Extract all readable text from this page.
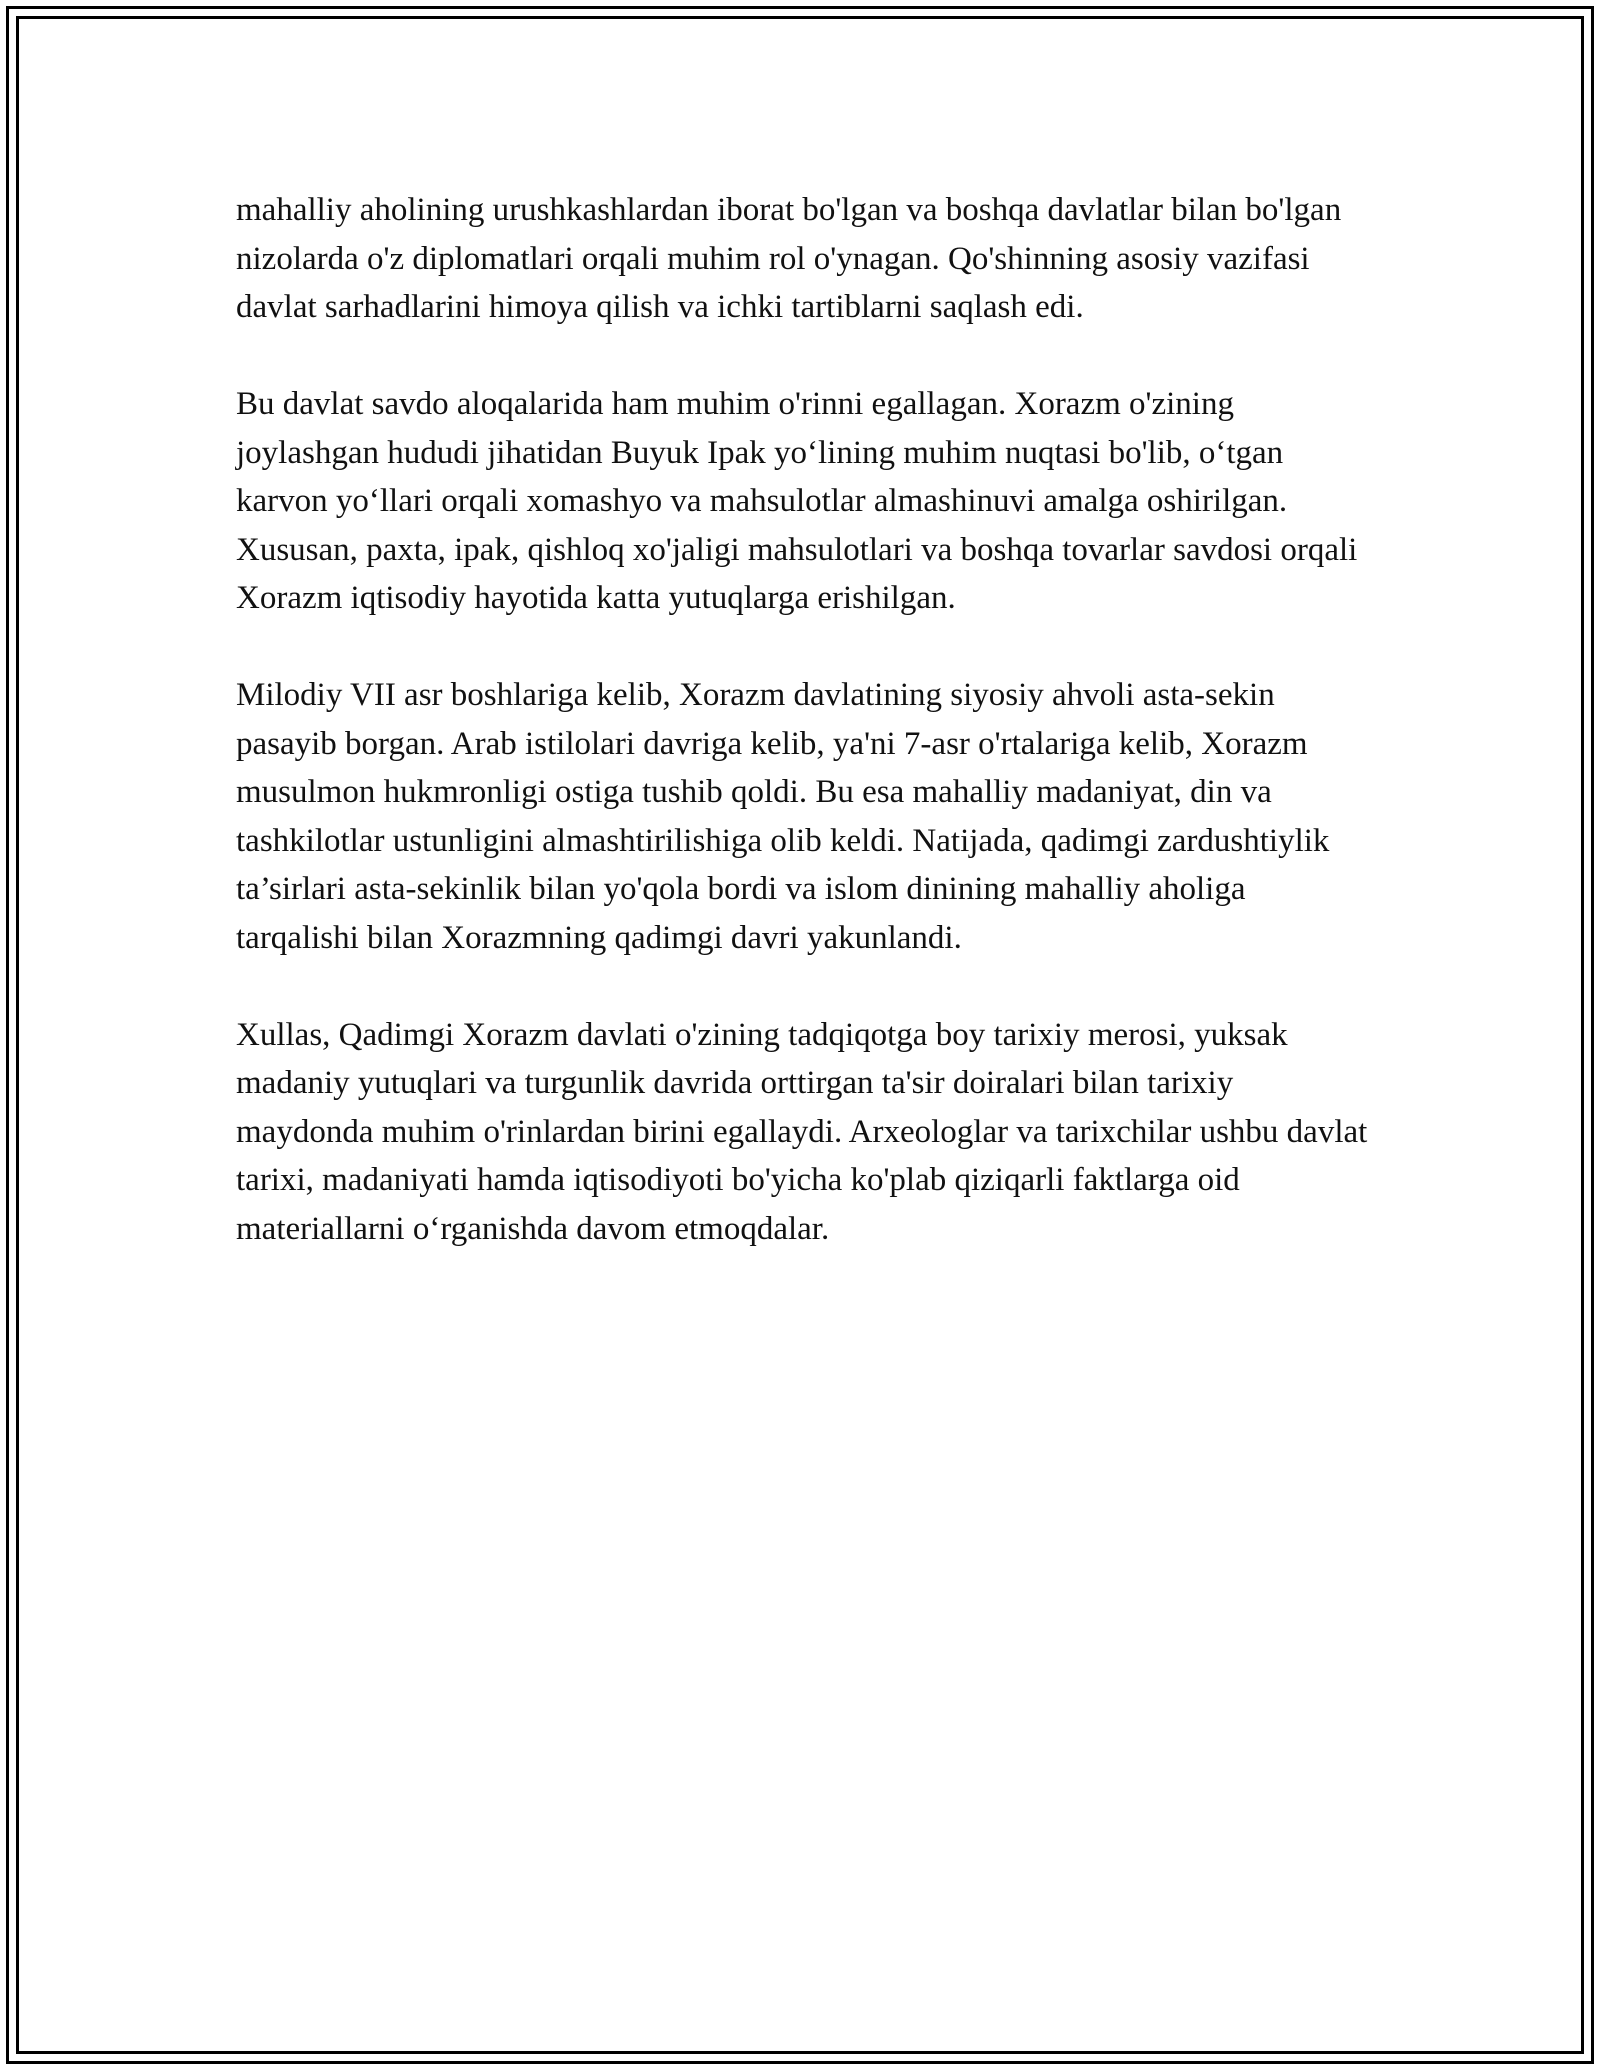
mahalliy aholining urushkashlardan iborat bo'lgan va boshqa davlatlar bilan bo'lgan nizolarda o'z diplomatlari orqali muhim rol o'ynagan. Qo'shinning asosiy vazifasi davlat sarhadlarini himoya qilish va ichki tartiblarni saqlash edi.

Bu davlat savdo aloqalarida ham muhim o'rinni egallagan. Xorazm o'zining joylashgan hududi jihatidan Buyuk Ipak yo‘lining muhim nuqtasi bo'lib, o‘tgan karvon yo‘llari orqali xomashyo va mahsulotlar almashinuvi amalga oshirilgan. Xususan, paxta, ipak, qishloq xo'jaligi mahsulotlari va boshqa tovarlar savdosi orqali Xorazm iqtisodiy hayotida katta yutuqlarga erishilgan.

Milodiy VII asr boshlariga kelib, Xorazm davlatining siyosiy ahvoli asta-sekin pasayib borgan. Arab istilolari davriga kelib, ya'ni 7-asr o'rtalariga kelib, Xorazm musulmon hukmronligi ostiga tushib qoldi. Bu esa mahalliy madaniyat, din va tashkilotlar ustunligini almashtirilishiga olib keldi. Natijada, qadimgi zardushtiylik ta’sirlari asta-sekinlik bilan yo'qola bordi va islom dinining mahalliy aholiga tarqalishi bilan Xorazmning qadimgi davri yakunlandi.

Xullas, Qadimgi Xorazm davlati o'zining tadqiqotga boy tarixiy merosi, yuksak madaniy yutuqlari va turgunlik davrida orttirgan ta'sir doiralari bilan tarixiy maydonda muhim o'rinlardan birini egallaydi. Arxeologlar va tarixchilar ushbu davlat tarixi, madaniyati hamda iqtisodiyoti bo'yicha ko'plab qiziqarli faktlarga oid materiallarni o‘rganishda davom etmoqdalar.
